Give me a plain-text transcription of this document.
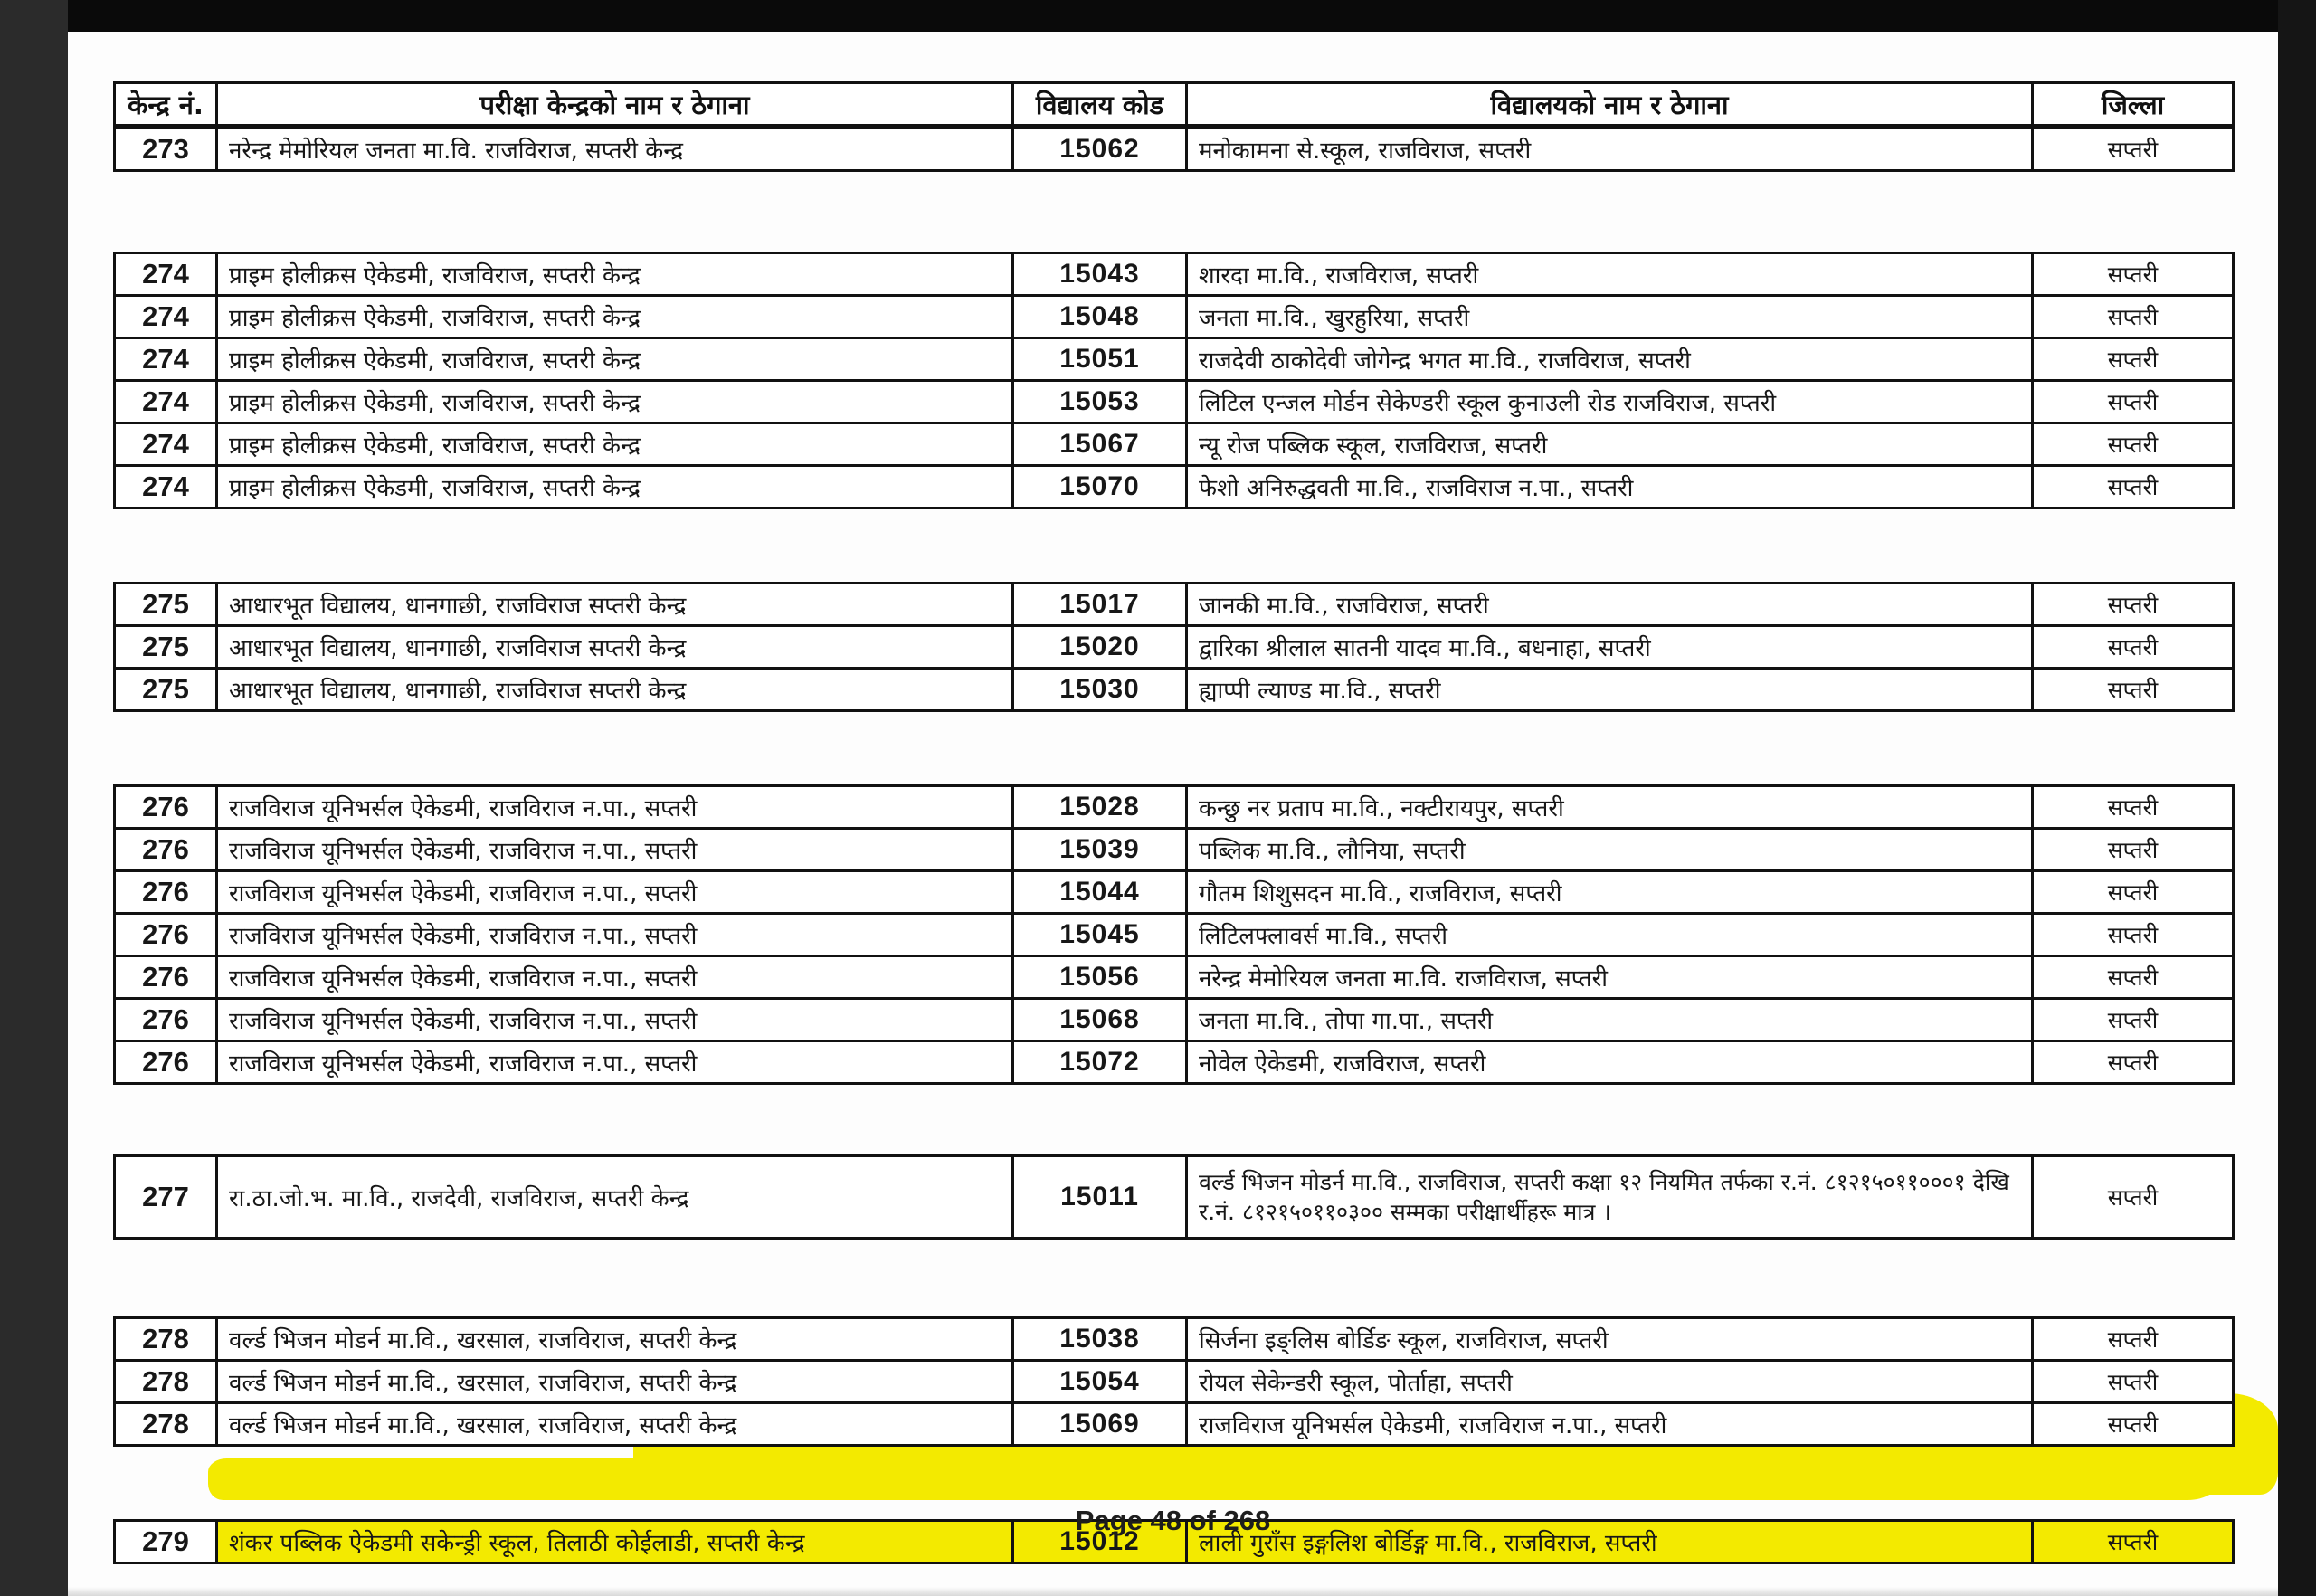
केन्द्र नं.	परीक्षा केन्द्रको नाम र ठेगाना	विद्यालय कोड	विद्यालयको नाम र ठेगाना	जिल्ला
273	नरेन्द्र मेमोरियल जनता मा.वि. राजविराज, सप्तरी केन्द्र	15062	मनोकामना से.स्कूल, राजविराज, सप्तरी	सप्तरी
274	प्राइम होलीक्रस ऐकेडमी, राजविराज, सप्तरी केन्द्र	15043	शारदा मा.वि., राजविराज, सप्तरी	सप्तरी
274	प्राइम होलीक्रस ऐकेडमी, राजविराज, सप्तरी केन्द्र	15048	जनता मा.वि., खुरहुरिया, सप्तरी	सप्तरी
274	प्राइम होलीक्रस ऐकेडमी, राजविराज, सप्तरी केन्द्र	15051	राजदेवी ठाकोदेवी जोगेन्द्र भगत मा.वि., राजविराज, सप्तरी	सप्तरी
274	प्राइम होलीक्रस ऐकेडमी, राजविराज, सप्तरी केन्द्र	15053	लिटिल एन्जल मोर्डन सेकेण्डरी स्कूल कुनाउली रोड राजविराज, सप्तरी	सप्तरी
274	प्राइम होलीक्रस ऐकेडमी, राजविराज, सप्तरी केन्द्र	15067	न्यू रोज पब्लिक स्कूल, राजविराज, सप्तरी	सप्तरी
274	प्राइम होलीक्रस ऐकेडमी, राजविराज, सप्तरी केन्द्र	15070	फेशो अनिरुद्धवती मा.वि., राजविराज न.पा., सप्तरी	सप्तरी
275	आधारभूत विद्यालय, धानगाछी, राजविराज सप्तरी केन्द्र	15017	जानकी मा.वि., राजविराज, सप्तरी	सप्तरी
275	आधारभूत विद्यालय, धानगाछी, राजविराज सप्तरी केन्द्र	15020	द्वारिका श्रीलाल सातनी यादव मा.वि., बधनाहा, सप्तरी	सप्तरी
275	आधारभूत विद्यालय, धानगाछी, राजविराज सप्तरी केन्द्र	15030	ह्याप्पी ल्याण्ड मा.वि., सप्तरी	सप्तरी
276	राजविराज यूनिभर्सल ऐकेडमी, राजविराज न.पा., सप्तरी	15028	कन्छु नर प्रताप मा.वि., नक्टीरायपुर, सप्तरी	सप्तरी
276	राजविराज यूनिभर्सल ऐकेडमी, राजविराज न.पा., सप्तरी	15039	पब्लिक मा.वि., लौनिया, सप्तरी	सप्तरी
276	राजविराज यूनिभर्सल ऐकेडमी, राजविराज न.पा., सप्तरी	15044	गौतम शिशुसदन मा.वि., राजविराज, सप्तरी	सप्तरी
276	राजविराज यूनिभर्सल ऐकेडमी, राजविराज न.पा., सप्तरी	15045	लिटिलफ्लावर्स मा.वि., सप्तरी	सप्तरी
276	राजविराज यूनिभर्सल ऐकेडमी, राजविराज न.पा., सप्तरी	15056	नरेन्द्र मेमोरियल जनता मा.वि. राजविराज, सप्तरी	सप्तरी
276	राजविराज यूनिभर्सल ऐकेडमी, राजविराज न.पा., सप्तरी	15068	जनता मा.वि., तोपा गा.पा., सप्तरी	सप्तरी
276	राजविराज यूनिभर्सल ऐकेडमी, राजविराज न.पा., सप्तरी	15072	नोवेल ऐकेडमी, राजविराज, सप्तरी	सप्तरी
277	रा.ठा.जो.भ. मा.वि., राजदेवी, राजविराज, सप्तरी केन्द्र	15011	वर्ल्ड भिजन मोडर्न मा.वि., राजविराज, सप्तरी कक्षा १२ नियमित तर्फका र.नं. ८१२१५०११०००१ देखि र.नं. ८१२१५०११०३०० सम्मका परीक्षार्थीहरू मात्र ।	सप्तरी
278	वर्ल्ड भिजन मोडर्न मा.वि., खरसाल, राजविराज, सप्तरी केन्द्र	15038	सिर्जना इङ्लिस बोर्डिङ स्कूल, राजविराज, सप्तरी	सप्तरी
278	वर्ल्ड भिजन मोडर्न मा.वि., खरसाल, राजविराज, सप्तरी केन्द्र	15054	रोयल सेकेन्डरी स्कूल, पोर्ताहा, सप्तरी	सप्तरी
278	वर्ल्ड भिजन मोडर्न मा.वि., खरसाल, राजविराज, सप्तरी केन्द्र	15069	राजविराज यूनिभर्सल ऐकेडमी, राजविराज न.पा., सप्तरी	सप्तरी
279	शंकर पब्लिक ऐकेडमी सकेन्ड्री स्कूल, तिलाठी कोईलाडी, सप्तरी केन्द्र	15012	लाली गुराँस इङ्गलिश बोर्डिङ्ग मा.वि., राजविराज, सप्तरी	सप्तरी
Page 48 of 268
